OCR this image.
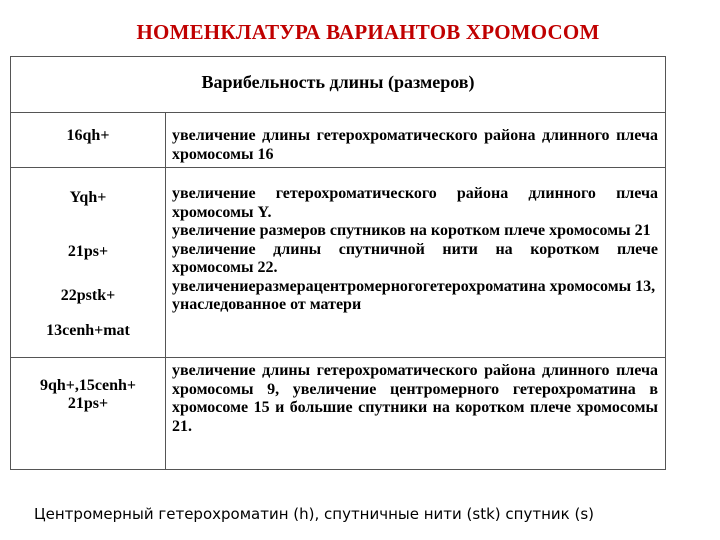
НОМЕНКЛАТУРА ВАРИАНТОВ ХРОМОСОМ
Варибельность длины (размеров)
16qh+	увеличение длины гетерохроматического района длинного плеча хромосомы 16
Yqh+
21ps+
22pstk+
13cenh+mat

увеличение гетерохроматического района длинного плеча хромосомы Y.

увеличение размеров спутников на коротком плече хромосомы 21

увеличение длины спутничной нити на коротком плече хромосомы 22.

увеличениеразмерацентромерногогетерохроматина хромосомы 13, унаследованное от матери

9qh+,15cenh+ 21ps+
увеличение длины гетерохроматического района длинного плеча хромосомы 9, увеличение центромерного гетерохроматина в хромосоме 15 и большие спутники на коротком плече хромосомы 21.
Центромерный гетерохроматин (h), спутничные нити (stk) спутник (s)
